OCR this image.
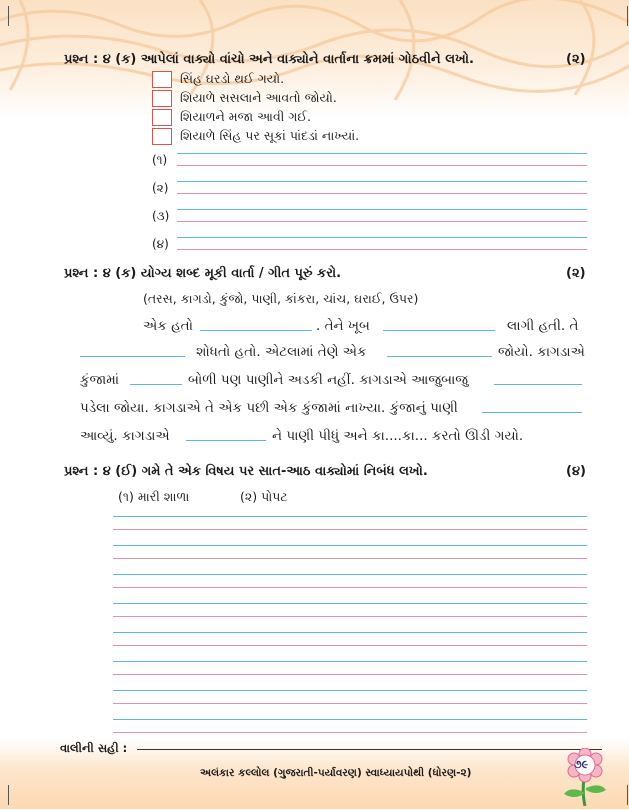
પ્રશ્ન : ૪ (ક) આપેલાં વાક્યો વાંચો અને વાક્યોને વાર્તાના ક્રમમાં ગોઠવીને લખો.	(૨)
સિંહ ઘરડો થઈ ગયો.
શિયાળે સસલાને આવતો જોયો.
શિયાળને મજા આવી ગઈ.
શિયાળે સિંહ પર સૂકાં પાંદડાં નાખ્યાં.
(૧)
(૨)
(૩)
(૪)
પ્રશ્ન : ૪ (ક) યોગ્ય શબ્દ મૂકી વાર્તા / ગીત પૂરું કરો.	(૨)
(તરસ, કાગડો, કુંજો, પાણી, કાંકરા, ચાંચ, ઘરાઈ, ઉપર)
એક હતો	. તેને ખૂબ	લાગી હતી. તે
શોધતો હતો. એટલામાં તેણે એક	જોયો. કાગડાએ
કુંજામાં	બોળી પણ પાણીને અડકી નહીં. કાગડાએ આજુબાજુ
પડેલા જોયા. કાગડાએ તે એક પછી એક કુંજામાં નાખ્યા. કુંજાનું પાણી
આવ્યું. કાગડાએ	ને પાણી પીધું અને કા....કા... કરતો ઊડી ગયો.
પ્રશ્ન : ૪ (ઈ) ગમે તે એક વિષય પર સાત-આઠ વાક્યોમાં નિબંધ લખો.	(૪)
(૧) મારી શાળા	(૨) પોપટ
વાલીની સહી :
અલંકાર કલ્લોલ (ગુજરાતી-પર્યાવરણ) સ્વાધ્યાયપોથી (ધોરણ-૨)
૭૯
